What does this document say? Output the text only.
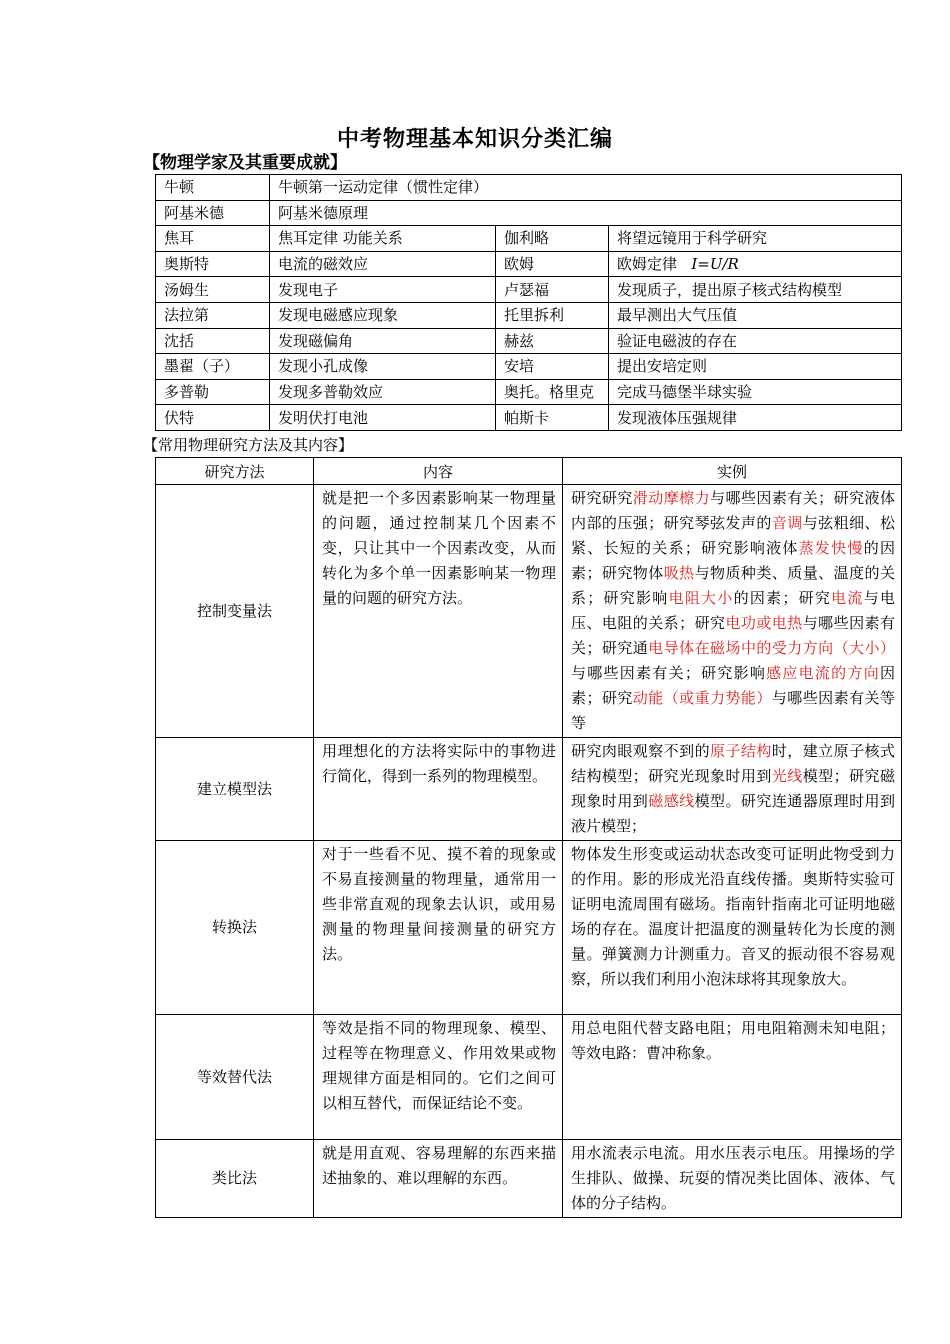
中考物理基本知识分类汇编
【物理学家及其重要成就】
牛顿	牛顿第一运动定律（惯性定律）		
阿基米德	阿基米德原理		
焦耳	焦耳定律 功能关系	伽利略	将望远镜用于科学研究
奥斯特	电流的磁效应	欧姆	欧姆定律 I=U/R
汤姆生	发现电子	卢瑟福	发现质子，提出原子核式结构模型
法拉第	发现电磁感应现象	托里拆利	最早测出大气压值
沈括	发现磁偏角	赫兹	验证电磁波的存在
墨翟（子）	发现小孔成像	安培	提出安培定则
多普勒	发现多普勒效应	奥托。格里克	完成马德堡半球实验
伏特	发明伏打电池	帕斯卡	发现液体压强规律
【常用物理研究方法及其内容】
研究方法	内容	实例
控制变量法	就是把一个多因素影响某一物理量的问题，通过控制某几个因素不变，只让其中一个因素改变，从而转化为多个单一因素影响某一物理量的问题的研究方法。	研究研究滑动摩檫力与哪些因素有关；研究液体内部的压强；研究琴弦发声的音调与弦粗细、松紧、长短的关系；研究影响液体蒸发快慢的因素；研究物体吸热与物质种类、质量、温度的关系；研究影响电阻大小的因素；研究电流与电压、电阻的关系；研究电功或电热与哪些因素有关；研究通电导体在磁场中的受力方向（大小）与哪些因素有关；研究影响感应电流的方向因素；研究动能（或重力势能）与哪些因素有关等等
建立模型法	用理想化的方法将实际中的事物进行简化，得到一系列的物理模型。	研究肉眼观察不到的原子结构时，建立原子核式结构模型；研究光现象时用到光线模型；研究磁现象时用到磁感线模型。研究连通器原理时用到液片模型；
转换法	对于一些看不见、摸不着的现象或不易直接测量的物理量，通常用一些非常直观的现象去认识，或用易测量的物理量间接测量的研究方法。	物体发生形变或运动状态改变可证明此物受到力的作用。影的形成光沿直线传播。奥斯特实验可证明电流周围有磁场。指南针指南北可证明地磁场的存在。温度计把温度的测量转化为长度的测量。弹簧测力计测重力。音叉的振动很不容易观察，所以我们利用小泡沫球将其现象放大。
等效替代法	等效是指不同的物理现象、模型、过程等在物理意义、作用效果或物理规律方面是相同的。它们之间可以相互替代，而保证结论不变。	用总电阻代替支路电阻；用电阻箱测未知电阻；等效电路：曹冲称象。
类比法	就是用直观、容易理解的东西来描述抽象的、难以理解的东西。	用水流表示电流。用水压表示电压。用操场的学生排队、做操、玩耍的情况类比固体、液体、气体的分子结构。
